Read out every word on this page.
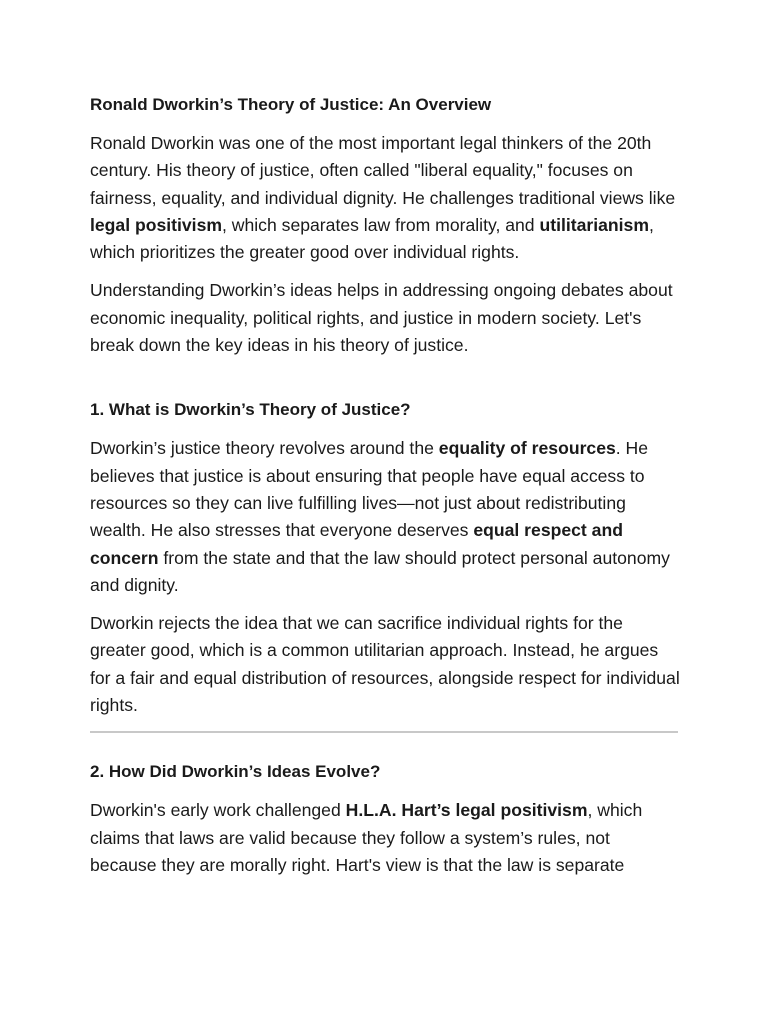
Ronald Dworkin’s Theory of Justice: An Overview

Ronald Dworkin was one of the most important legal thinkers of the 20th century. His theory of justice, often called "liberal equality," focuses on fairness, equality, and individual dignity. He challenges traditional views like legal positivism, which separates law from morality, and utilitarianism, which prioritizes the greater good over individual rights.

Understanding Dworkin’s ideas helps in addressing ongoing debates about economic inequality, political rights, and justice in modern society. Let's break down the key ideas in his theory of justice.

1. What is Dworkin’s Theory of Justice?

Dworkin’s justice theory revolves around the equality of resources. He believes that justice is about ensuring that people have equal access to resources so they can live fulfilling lives—not just about redistributing wealth. He also stresses that everyone deserves equal respect and concern from the state and that the law should protect personal autonomy and dignity.

Dworkin rejects the idea that we can sacrifice individual rights for the greater good, which is a common utilitarian approach. Instead, he argues for a fair and equal distribution of resources, alongside respect for individual rights.

2. How Did Dworkin’s Ideas Evolve?

Dworkin's early work challenged H.L.A. Hart’s legal positivism, which claims that laws are valid because they follow a system’s rules, not because they are morally right. Hart's view is that the law is separate
